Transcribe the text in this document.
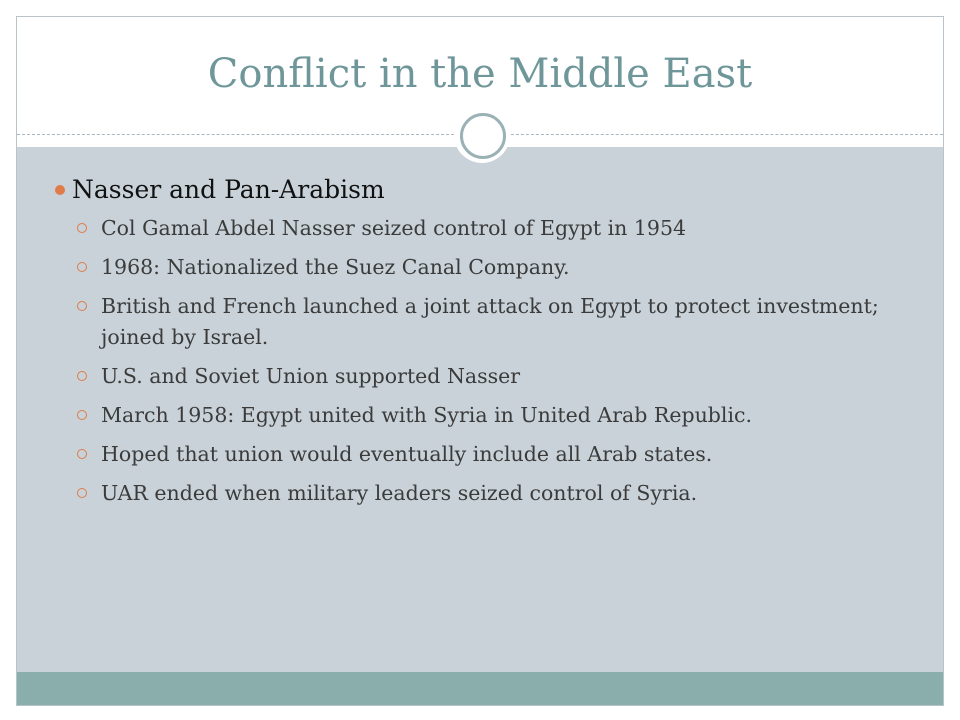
Conflict in the Middle East
Nasser and Pan-Arabism
Col Gamal Abdel Nasser seized control of Egypt in 1954
1968: Nationalized the Suez Canal Company.
British and French launched a joint attack on Egypt to protect investment; joined by Israel.
U.S. and Soviet Union supported Nasser
March 1958: Egypt united with Syria in United Arab Republic.
Hoped that union would eventually include all Arab states.
UAR ended when military leaders seized control of Syria.
